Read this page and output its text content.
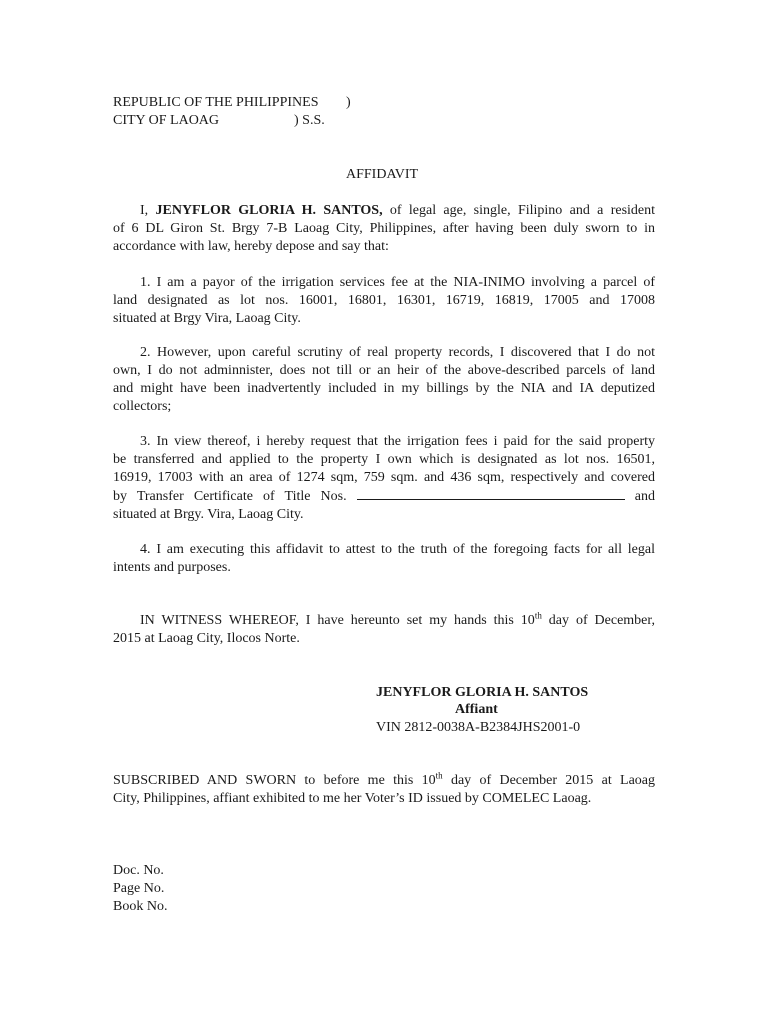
REPUBLIC OF THE PHILIPPINES )
CITY OF LAOAG	) S.S.
AFFIDAVIT
I, JENYFLOR GLORIA H. SANTOS, of legal age, single, Filipino and a resident
of 6 DL Giron St. Brgy 7-B Laoag City, Philippines, after having been duly sworn to in
accordance with law, hereby depose and say that:
1. I am a payor of the irrigation services fee at the NIA-INIMO involving a parcel of
land designated as lot nos. 16001, 16801, 16301, 16719, 16819, 17005 and 17008
situated at Brgy Vira, Laoag City.
2. However, upon careful scrutiny of real property records, I discovered that I do not
own, I do not adminnister, does not till or an heir of the above-described parcels of land
and might have been inadvertently included in my billings by the NIA and IA deputized
collectors;
3. In view thereof, i hereby request that the irrigation fees i paid for the said property
be transferred and applied to the property I own which is designated as lot nos. 16501,
16919, 17003 with an area of 1274 sqm, 759 sqm. and 436 sqm, respectively and covered
by Transfer Certificate of Title Nos.	and
situated at Brgy. Vira, Laoag City.
4. I am executing this affidavit to attest to the truth of the foregoing facts for all legal
intents and purposes.
IN WITNESS WHEREOF, I have hereunto set my hands this 10th day of December,
2015 at Laoag City, Ilocos Norte.
JENYFLOR GLORIA H. SANTOS
Affiant
VIN 2812-0038A-B2384JHS2001-0
SUBSCRIBED AND SWORN to before me this 10th day of December 2015 at Laoag
City, Philippines, affiant exhibited to me her Voter’s ID issued by COMELEC Laoag.
Doc. No.
Page No.
Book No.
